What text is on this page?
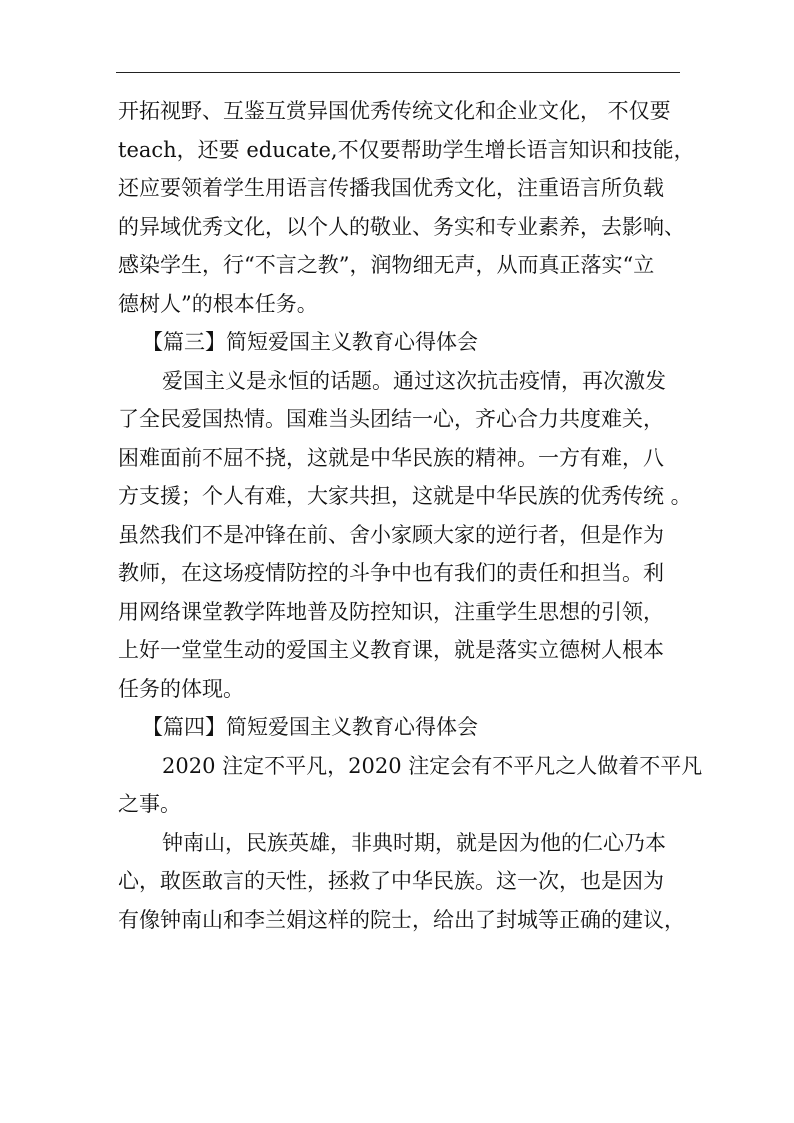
开拓视野、互鉴互赏异国优秀传统文化和企业文化， 不仅要
teach，还要 educate,不仅要帮助学生增长语言知识和技能，
还应要领着学生用语言传播我国优秀文化，注重语言所负载
的异域优秀文化，以个人的敬业、务实和专业素养，去影响、
感染学生，行“不言之教”，润物细无声，从而真正落实“立
德树人”的根本任务。
【篇三】简短爱国主义教育心得体会
爱国主义是永恒的话题。通过这次抗击疫情，再次激发
了全民爱国热情。国难当头团结一心，齐心合力共度难关，
困难面前不屈不挠，这就是中华民族的精神。一方有难，八
方支援；个人有难，大家共担，这就是中华民族的优秀传统 。
虽然我们不是冲锋在前、舍小家顾大家的逆行者，但是作为
教师，在这场疫情防控的斗争中也有我们的责任和担当。利
用网络课堂教学阵地普及防控知识，注重学生思想的引领，
上好一堂堂生动的爱国主义教育课，就是落实立德树人根本
任务的体现。
【篇四】简短爱国主义教育心得体会
2020 注定不平凡，2020 注定会有不平凡之人做着不平凡
之事。
钟南山，民族英雄，非典时期，就是因为他的仁心乃本
心，敢医敢言的天性，拯救了中华民族。这一次，也是因为
有像钟南山和李兰娟这样的院士，给出了封城等正确的建议，
